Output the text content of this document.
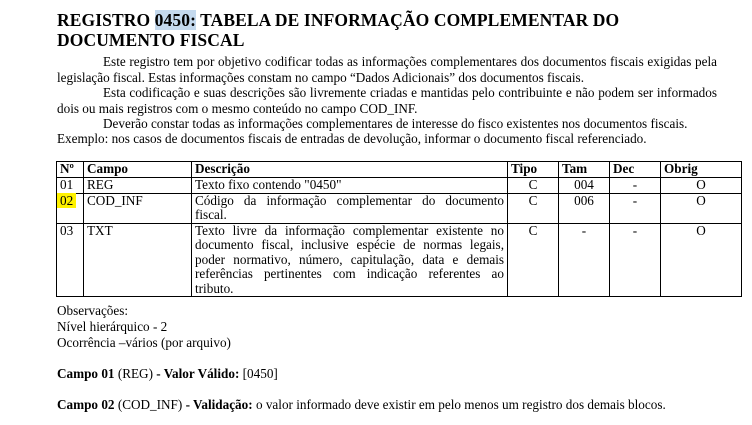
REGISTRO 0450: TABELA DE INFORMAÇÃO COMPLEMENTAR DO DOCUMENTO FISCAL
Este registro tem por objetivo codificar todas as informações complementares dos documentos fiscais exigidas pela legislação fiscal. Estas informações constam no campo “Dados Adicionais” dos documentos fiscais.
Esta codificação e suas descrições são livremente criadas e mantidas pelo contribuinte e não podem ser informados dois ou mais registros com o mesmo conteúdo no campo COD_INF.
Deverão constar todas as informações complementares de interesse do fisco existentes nos documentos fiscais.
Exemplo: nos casos de documentos fiscais de entradas de devolução, informar o documento fiscal referenciado.
Nº	Campo	Descrição	Tipo	Tam	Dec	Obrig
01	REG	Texto fixo contendo "0450"	C	004	-	O
02	COD_INF	Código da informação complementar do documento fiscal.	C	006	-	O
03	TXT	Texto livre da informação complementar existente no documento fiscal, inclusive espécie de normas legais, poder normativo, número, capitulação, data e demais referências pertinentes com indicação referentes ao tributo.	C	-	-	O
Observações:
Nível hierárquico - 2
Ocorrência –vários (por arquivo)
Campo 01 (REG) - Valor Válido: [0450]
Campo 02 (COD_INF) - Validação: o valor informado deve existir em pelo menos um registro dos demais blocos.
